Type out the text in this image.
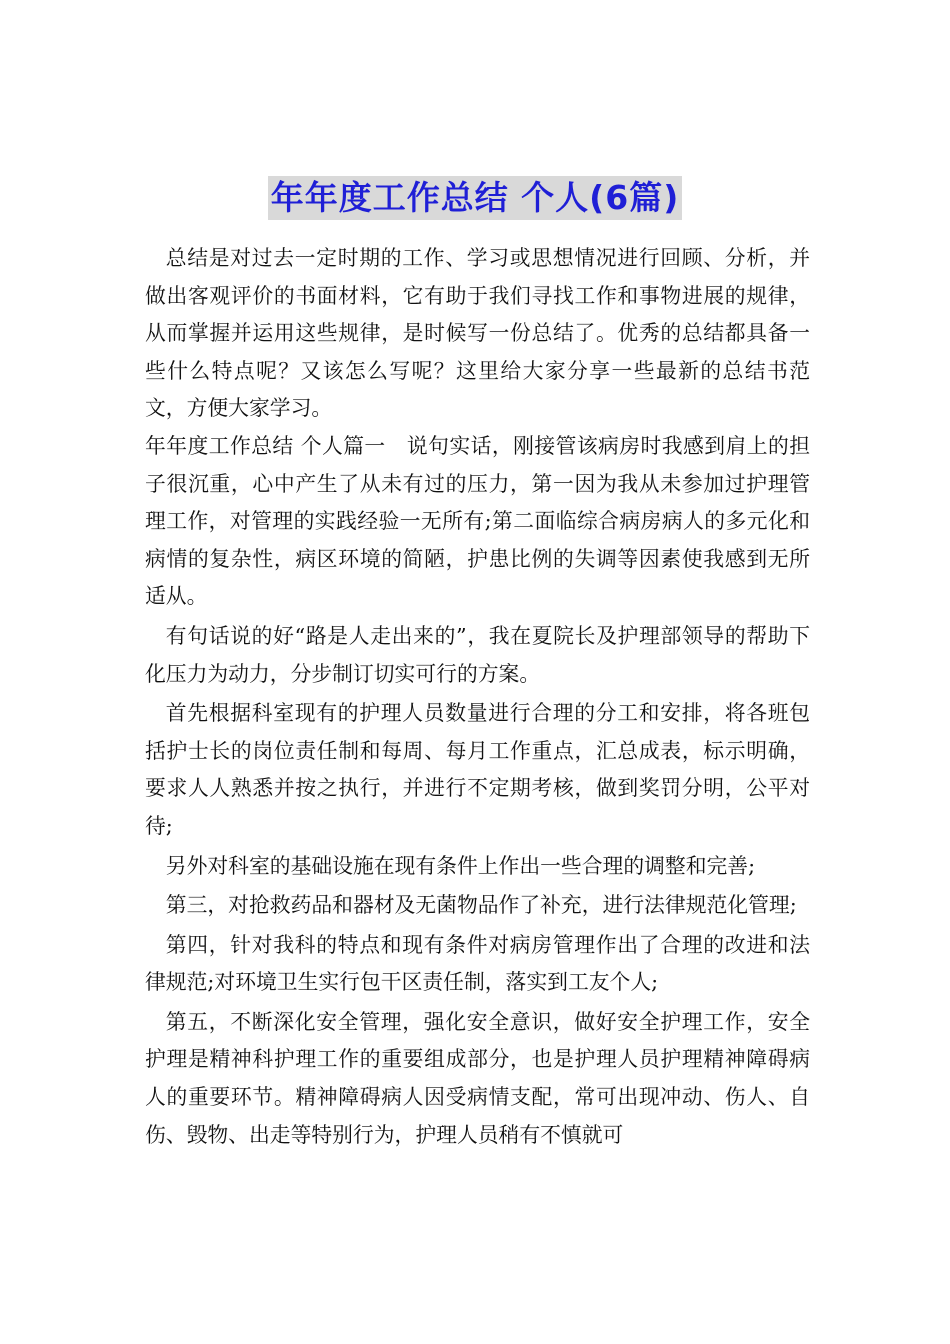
年年度工作总结 个人(6篇)

总结是对过去一定时期的工作、学习或思想情况进行回顾、分析，并做出客观评价的书面材料，它有助于我们寻找工作和事物进展的规律，从而掌握并运用这些规律，是时候写一份总结了。优秀的总结都具备一些什么特点呢？又该怎么写呢？这里给大家分享一些最新的总结书范文，方便大家学习。

年年度工作总结 个人篇一　说句实话，刚接管该病房时我感到肩上的担子很沉重，心中产生了从未有过的压力，第一因为我从未参加过护理管理工作，对管理的实践经验一无所有;第二面临综合病房病人的多元化和病情的复杂性，病区环境的简陋，护患比例的失调等因素使我感到无所适从。

有句话说的好“路是人走出来的”，我在夏院长及护理部领导的帮助下化压力为动力，分步制订切实可行的方案。

首先根据科室现有的护理人员数量进行合理的分工和安排，将各班包括护士长的岗位责任制和每周、每月工作重点，汇总成表，标示明确，要求人人熟悉并按之执行，并进行不定期考核，做到奖罚分明，公平对待;

另外对科室的基础设施在现有条件上作出一些合理的调整和完善;

第三，对抢救药品和器材及无菌物品作了补充，进行法律规范化管理;

第四，针对我科的特点和现有条件对病房管理作出了合理的改进和法律规范;对环境卫生实行包干区责任制，落实到工友个人;

第五，不断深化安全管理，强化安全意识，做好安全护理工作，安全护理是精神科护理工作的重要组成部分，也是护理人员护理精神障碍病人的重要环节。精神障碍病人因受病情支配，常可出现冲动、伤人、自伤、毁物、出走等特别行为，护理人员稍有不慎就可
